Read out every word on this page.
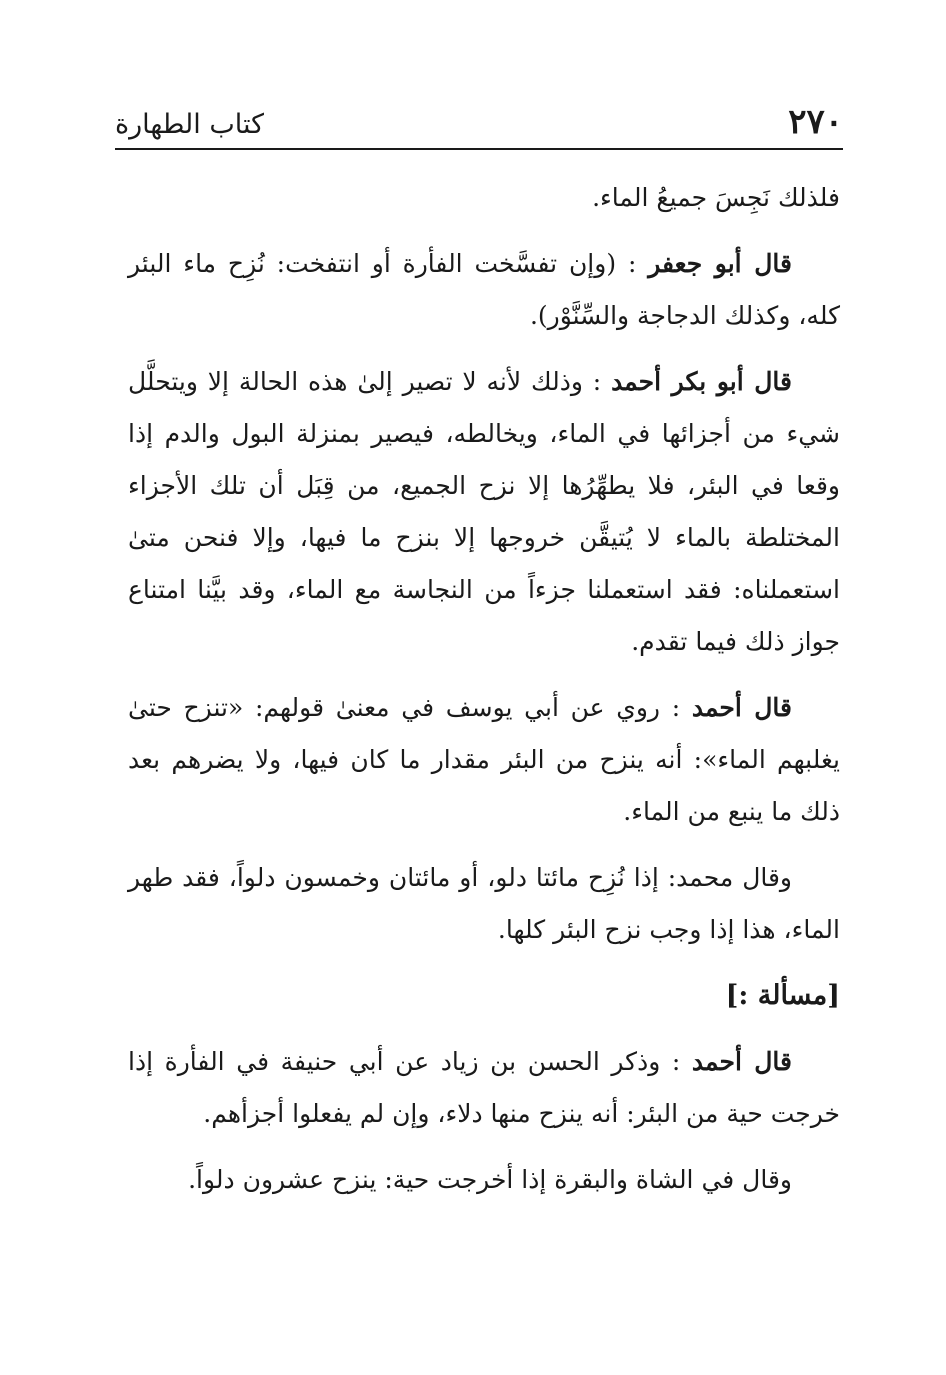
٢٧٠
كتاب الطهارة

فلذلك نَجِسَ جميعُ الماء.

قال أبو جعفر : (وإن تفسَّخت الفأرة أو انتفخت: نُزِح ماء البئر كله، وكذلك الدجاجة والسِّنَّوْر).

قال أبو بكر أحمد : وذلك لأنه لا تصير إلىٰ هذه الحالة إلا ويتحلَّل شيء من أجزائها في الماء، ويخالطه، فيصير بمنزلة البول والدم إذا وقعا في البئر، فلا يطهِّرُها إلا نزح الجميع، من قِبَل أن تلك الأجزاء المختلطة بالماء لا يُتيقَّن خروجها إلا بنزح ما فيها، وإلا فنحن متىٰ استعملناه: فقد استعملنا جزءاً من النجاسة مع الماء، وقد بيَّنا امتناع جواز ذلك فيما تقدم.

قال أحمد : روي عن أبي يوسف في معنىٰ قولهم: «تنزح حتىٰ يغلبهم الماء»: أنه ينزح من البئر مقدار ما كان فيها، ولا يضرهم بعد ذلك ما ينبع من الماء.

وقال محمد: إذا نُزِح مائتا دلو، أو مائتان وخمسون دلواً، فقد طهر الماء، هذا إذا وجب نزح البئر كلها.

[مسألة :]

قال أحمد : وذكر الحسن بن زياد عن أبي حنيفة في الفأرة إذا خرجت حية من البئر: أنه ينزح منها دلاء، وإن لم يفعلوا أجزأهم.

وقال في الشاة والبقرة إذا أخرجت حية: ينزح عشرون دلواً.
